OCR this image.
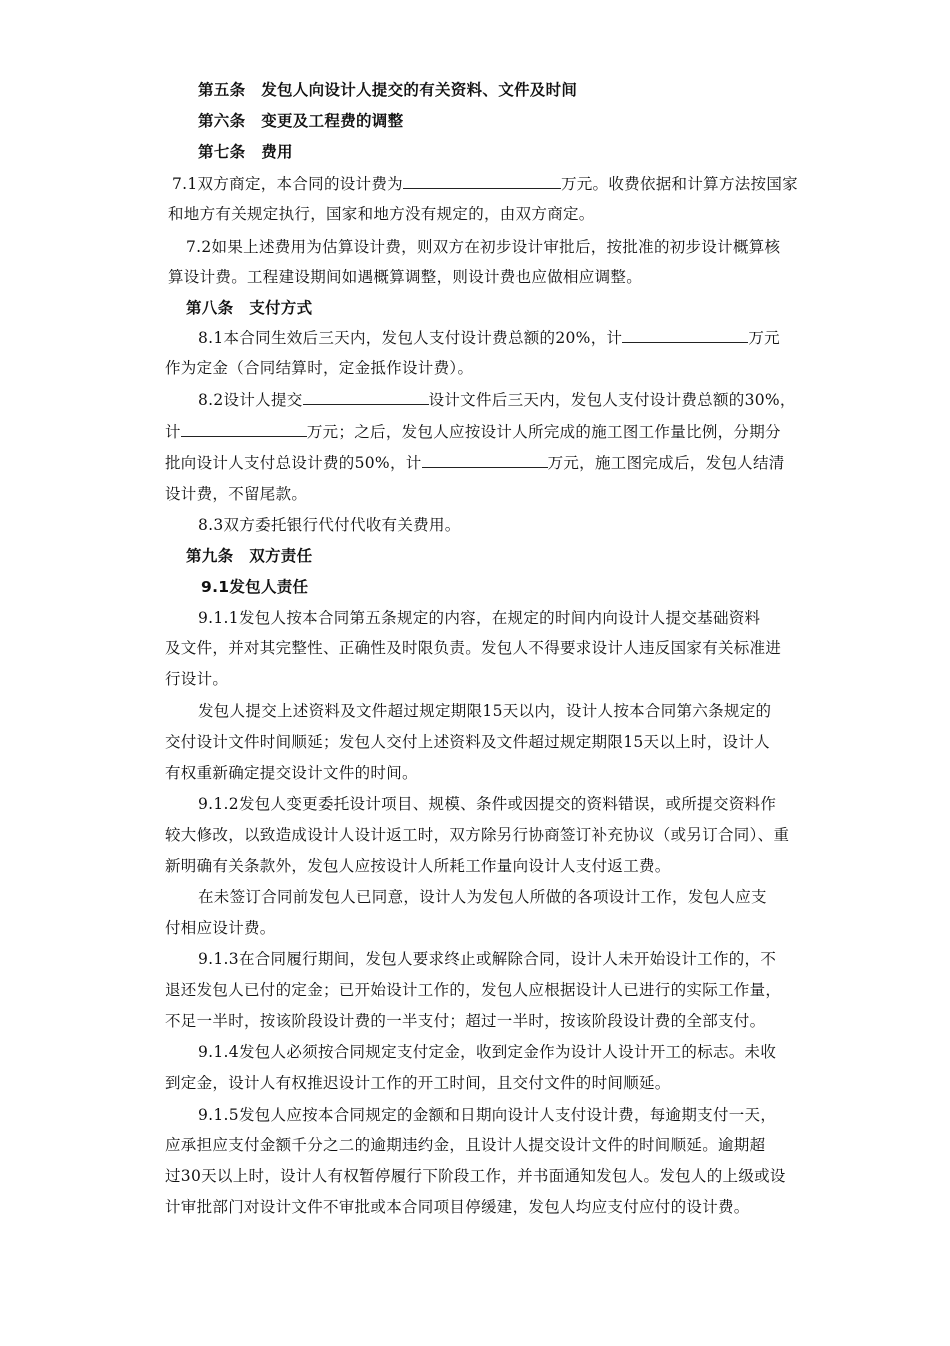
第五条　发包人向设计人提交的有关资料、文件及时间
第六条　变更及工程费的调整
第七条　费用
7.1双方商定，本合同的设计费为	万元。收费依据和计算方法按国家
和地方有关规定执行，国家和地方没有规定的，由双方商定。
7.2如果上述费用为估算设计费，则双方在初步设计审批后，按批准的初步设计概算核
算设计费。工程建设期间如遇概算调整，则设计费也应做相应调整。
第八条　支付方式
8.1本合同生效后三天内，发包人支付设计费总额的20%，计	万元
作为定金（合同结算时，定金抵作设计费）。
8.2设计人提交	设计文件后三天内，发包人支付设计费总额的30%，
计	万元；之后，发包人应按设计人所完成的施工图工作量比例，分期分
批向设计人支付总设计费的50%，计	万元，施工图完成后，发包人结清
设计费，不留尾款。
8.3双方委托银行代付代收有关费用。
第九条　双方责任
9.1发包人责任
9.1.1发包人按本合同第五条规定的内容，在规定的时间内向设计人提交基础资料
及文件，并对其完整性、正确性及时限负责。发包人不得要求设计人违反国家有关标准进
行设计。
发包人提交上述资料及文件超过规定期限15天以内，设计人按本合同第六条规定的
交付设计文件时间顺延；发包人交付上述资料及文件超过规定期限15天以上时，设计人
有权重新确定提交设计文件的时间。
9.1.2发包人变更委托设计项目、规模、条件或因提交的资料错误，或所提交资料作
较大修改，以致造成设计人设计返工时，双方除另行协商签订补充协议（或另订合同）、重
新明确有关条款外，发包人应按设计人所耗工作量向设计人支付返工费。
在未签订合同前发包人已同意，设计人为发包人所做的各项设计工作，发包人应支
付相应设计费。
9.1.3在合同履行期间，发包人要求终止或解除合同，设计人未开始设计工作的，不
退还发包人已付的定金；已开始设计工作的，发包人应根据设计人已进行的实际工作量，
不足一半时，按该阶段设计费的一半支付；超过一半时，按该阶段设计费的全部支付。
9.1.4发包人必须按合同规定支付定金，收到定金作为设计人设计开工的标志。未收
到定金，设计人有权推迟设计工作的开工时间，且交付文件的时间顺延。
9.1.5发包人应按本合同规定的金额和日期向设计人支付设计费，每逾期支付一天，
应承担应支付金额千分之二的逾期违约金，且设计人提交设计文件的时间顺延。逾期超
过30天以上时，设计人有权暂停履行下阶段工作，并书面通知发包人。发包人的上级或设
计审批部门对设计文件不审批或本合同项目停缓建，发包人均应支付应付的设计费。
